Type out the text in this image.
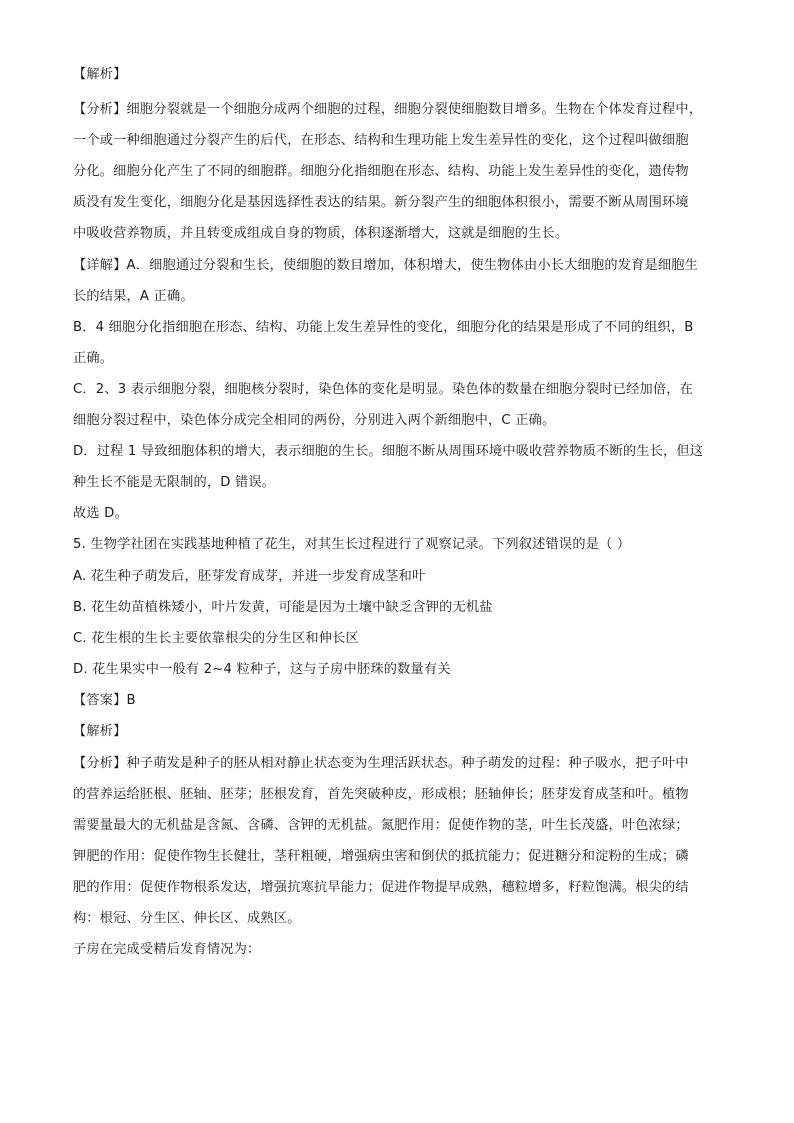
【解析】
【分析】细胞分裂就是一个细胞分成两个细胞的过程，细胞分裂使细胞数目增多。生物在个体发育过程中，
一个或一种细胞通过分裂产生的后代，在形态、结构和生理功能上发生差异性的变化，这个过程叫做细胞
分化。细胞分化产生了不同的细胞群。细胞分化指细胞在形态、结构、功能上发生差异性的变化，遗传物
质没有发生变化，细胞分化是基因选择性表达的结果。新分裂产生的细胞体积很小，需要不断从周围环境
中吸收营养物质，并且转变成组成自身的物质，体积逐渐增大，这就是细胞的生长。
【详解】A．细胞通过分裂和生长，使细胞的数目增加，体积增大，使生物体由小长大细胞的发育是细胞生
长的结果，A 正确。
B．4 细胞分化指细胞在形态、结构、功能上发生差异性的变化，细胞分化的结果是形成了不同的组织，B
正确。
C．2、3 表示细胞分裂，细胞核分裂时，染色体的变化是明显。染色体的数量在细胞分裂时已经加倍，在
细胞分裂过程中，染色体分成完全相同的两份，分别进入两个新细胞中，C 正确。
D．过程 1 导致细胞体积的增大，表示细胞的生长。细胞不断从周围环境中吸收营养物质不断的生长，但这
种生长不能是无限制的，D 错误。
故选 D。
5. 生物学社团在实践基地种植了花生，对其生长过程进行了观察记录。下列叙述错误的是（ ）
A. 花生种子萌发后，胚芽发育成芽，并进一步发育成茎和叶
B. 花生幼苗植株矮小，叶片发黄，可能是因为土壤中缺乏含钾的无机盐
C. 花生根的生长主要依靠根尖的分生区和伸长区
D. 花生果实中一般有 2~4 粒种子，这与子房中胚珠的数量有关
【答案】B
【解析】
【分析】种子萌发是种子的胚从相对静止状态变为生理活跃状态。种子萌发的过程：种子吸水，把子叶中
的营养运给胚根、胚轴、胚芽；胚根发育，首先突破种皮，形成根；胚轴伸长；胚芽发育成茎和叶。植物
需要量最大的无机盐是含氮、含磷、含钾的无机盐。氮肥作用：促使作物的茎，叶生长茂盛，叶色浓绿；
钾肥的作用：促使作物生长健壮，茎秆粗硬，增强病虫害和倒伏的抵抗能力；促进糖分和淀粉的生成；磷
肥的作用：促使作物根系发达，增强抗寒抗旱能力；促进作物提早成熟，穗粒增多，籽粒饱满。根尖的结
构：根冠、分生区、伸长区、成熟区。
子房在完成受精后发育情况为：
